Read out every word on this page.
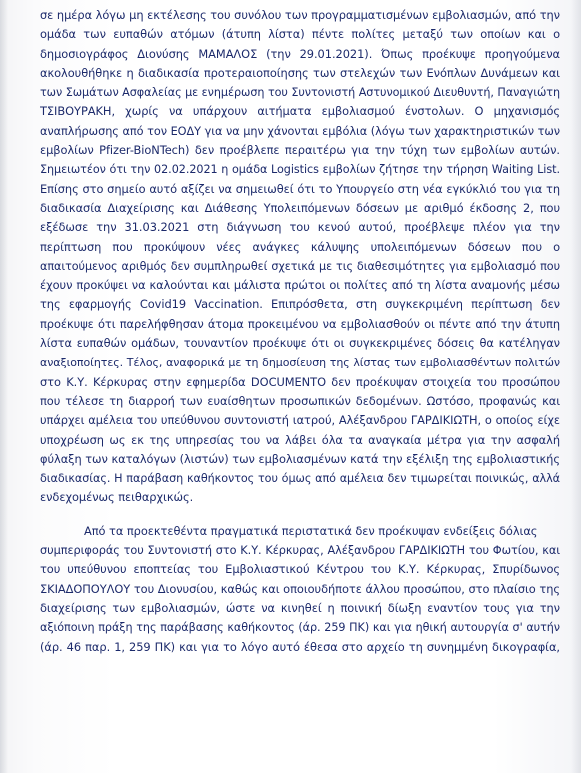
σε ημέρα λόγω μη εκτέλεσης του συνόλου των προγραμματισμένων εμβολιασμών, από την
ομάδα των ευπαθών ατόμων (άτυπη λίστα) πέντε πολίτες μεταξύ των οποίων και ο
δημοσιογράφος Διονύσης ΜΑΜΑΛΟΣ (την 29.01.2021). Όπως προέκυψε προηγούμενα
ακολουθήθηκε η διαδικασία προτεραιοποίησης των στελεχών των Ενόπλων Δυνάμεων και
των Σωμάτων Ασφαλείας με ενημέρωση του Συντονιστή Αστυνομικού Διευθυντή, Παναγιώτη
ΤΣΙΒΟΥΡΑΚΗ, χωρίς να υπάρχουν αιτήματα εμβολιασμού ένστολων. Ο μηχανισμός
αναπλήρωσης από τον ΕΟΔΥ για να μην χάνονται εμβόλια (λόγω των χαρακτηριστικών των
εμβολίων Pfizer-BioNTech) δεν προέβλεπε περαιτέρω για την τύχη των εμβολίων αυτών.
Σημειωτέον ότι την 02.02.2021 η ομάδα Logistics εμβολίων ζήτησε την τήρηση Waiting List.
Επίσης στο σημείο αυτό αξίζει να σημειωθεί ότι το Υπουργείο στη νέα εγκύκλιό του για τη
διαδικασία Διαχείρισης και Διάθεσης Υπολειπόμενων δόσεων με αριθμό έκδοσης 2, που
εξέδωσε την 31.03.2021 στη διάγνωση του κενού αυτού, προέβλεψε πλέον για την
περίπτωση που προκύψουν νέες ανάγκες κάλυψης υπολειπόμενων δόσεων που ο
απαιτούμενος αριθμός δεν συμπληρωθεί σχετικά με τις διαθεσιμότητες για εμβολιασμό που
έχουν προκύψει να καλούνται και μάλιστα πρώτοι οι πολίτες από τη λίστα αναμονής μέσω
της εφαρμογής Covid19 Vaccination. Επιπρόσθετα, στη συγκεκριμένη περίπτωση δεν
προέκυψε ότι παρελήφθησαν άτομα προκειμένου να εμβολιασθούν οι πέντε από την άτυπη
λίστα ευπαθών ομάδων, τουναντίον προέκυψε ότι οι συγκεκριμένες δόσεις θα κατέληγαν
αναξιοποίητες. Τέλος, αναφορικά με τη δημοσίευση της λίστας των εμβολιασθέντων πολιτών
στο Κ.Υ. Κέρκυρας στην εφημερίδα DOCUMENTO δεν προέκυψαν στοιχεία του προσώπου
που τέλεσε τη διαρροή των ευαίσθητων προσωπικών δεδομένων. Ωστόσο, προφανώς και
υπάρχει αμέλεια του υπεύθυνου συντονιστή ιατρού, Αλέξανδρου ΓΑΡΔΙΚΙΩΤΗ, ο οποίος είχε
υποχρέωση ως εκ της υπηρεσίας του να λάβει όλα τα αναγκαία μέτρα για την ασφαλή
φύλαξη των καταλόγων (λιστών) των εμβολιασμένων κατά την εξέλιξη της εμβολιαστικής
διαδικασίας. Η παράβαση καθήκοντος του όμως από αμέλεια δεν τιμωρείται ποινικώς, αλλά
ενδεχομένως πειθαρχικώς.
Από τα προεκτεθέντα πραγματικά περιστατικά δεν προέκυψαν ενδείξεις δόλιας
συμπεριφοράς του Συντονιστή στο Κ.Υ. Κέρκυρας, Αλέξανδρου ΓΑΡΔΙΚΙΩΤΗ του Φωτίου, και
του υπεύθυνου εποπτείας του Εμβολιαστικού Κέντρου του Κ.Υ. Κέρκυρας, Σπυρίδωνος
ΣΚΙΑΔΟΠΟΥΛΟΥ του Διονυσίου, καθώς και οποιουδήποτε άλλου προσώπου, στο πλαίσιο της
διαχείρισης των εμβολιασμών, ώστε να κινηθεί η ποινική δίωξη εναντίον τους για την
αξιόποινη πράξη της παράβασης καθήκοντος (άρ. 259 ΠΚ) και για ηθική αυτουργία σ' αυτήν
(άρ. 46 παρ. 1, 259 ΠΚ) και για το λόγο αυτό έθεσα στο αρχείο τη συνημμένη δικογραφία,
